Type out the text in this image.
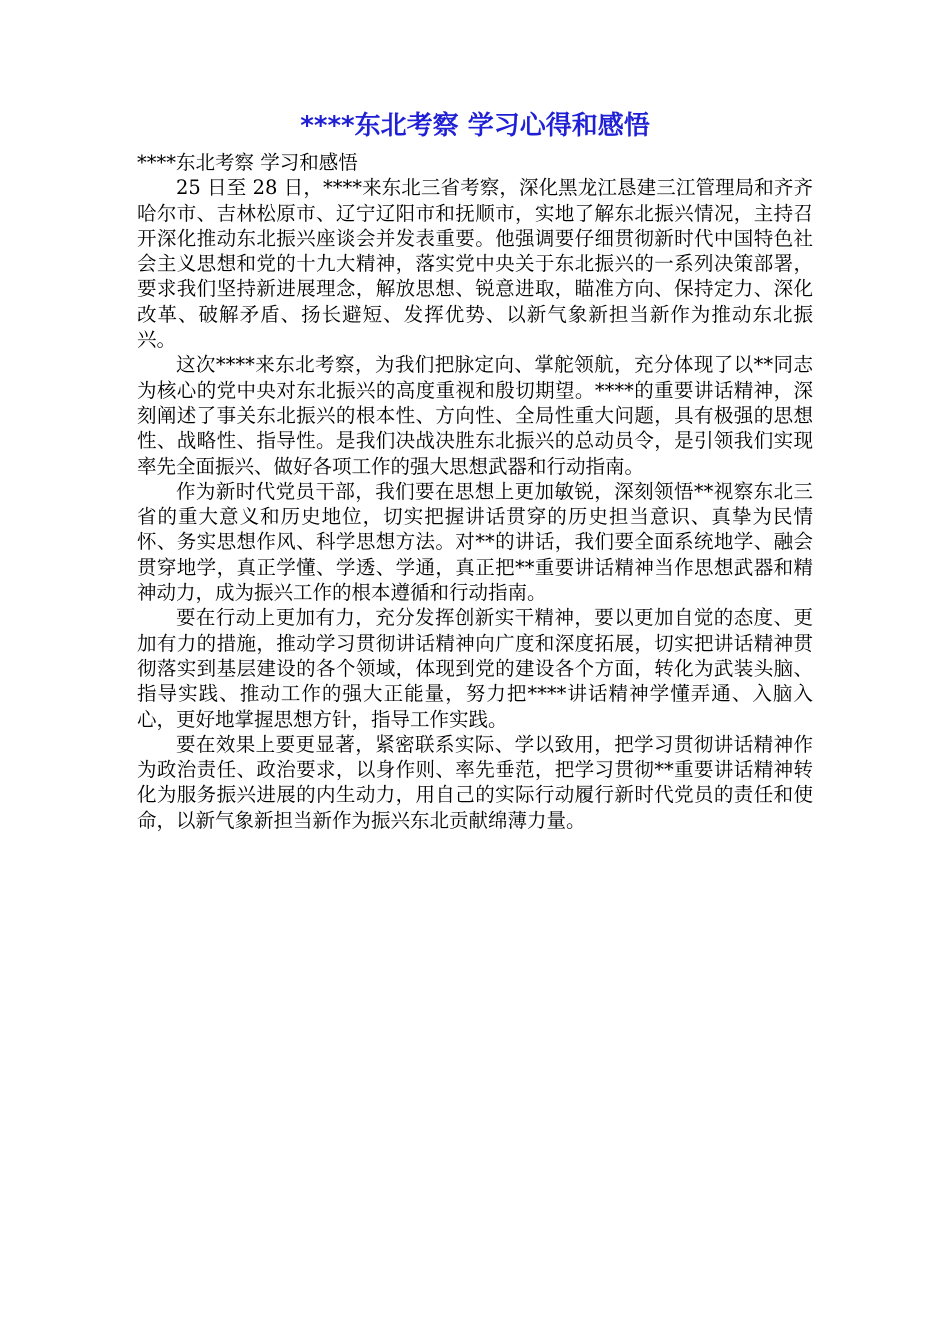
****东北考察 学习心得和感悟

****东北考察 学习和感悟

25 日至 28 日，****来东北三省考察，深化黑龙江恳建三江管理局和齐齐哈尔市、吉林松原市、辽宁辽阳市和抚顺市，实地了解东北振兴情况，主持召开深化推动东北振兴座谈会并发表重要。他强调要仔细贯彻新时代中国特色社会主义思想和党的十九大精神，落实党中央关于东北振兴的一系列决策部署，要求我们坚持新进展理念，解放思想、锐意进取，瞄准方向、保持定力、深化改革、破解矛盾、扬长避短、发挥优势、以新气象新担当新作为推动东北振兴。

这次****来东北考察，为我们把脉定向、掌舵领航，充分体现了以**同志为核心的党中央对东北振兴的高度重视和殷切期望。****的重要讲话精神，深刻阐述了事关东北振兴的根本性、方向性、全局性重大问题，具有极强的思想性、战略性、指导性。是我们决战决胜东北振兴的总动员令，是引领我们实现率先全面振兴、做好各项工作的强大思想武器和行动指南。

作为新时代党员干部，我们要在思想上更加敏锐，深刻领悟**视察东北三省的重大意义和历史地位，切实把握讲话贯穿的历史担当意识、真挚为民情怀、务实思想作风、科学思想方法。对**的讲话，我们要全面系统地学、融会贯穿地学，真正学懂、学透、学通，真正把**重要讲话精神当作思想武器和精神动力，成为振兴工作的根本遵循和行动指南。

要在行动上更加有力，充分发挥创新实干精神，要以更加自觉的态度、更加有力的措施，推动学习贯彻讲话精神向广度和深度拓展，切实把讲话精神贯彻落实到基层建设的各个领域，体现到党的建设各个方面，转化为武装头脑、指导实践、推动工作的强大正能量，努力把****讲话精神学懂弄通、入脑入心，更好地掌握思想方针，指导工作实践。

要在效果上要更显著，紧密联系实际、学以致用，把学习贯彻讲话精神作为政治责任、政治要求，以身作则、率先垂范，把学习贯彻**重要讲话精神转化为服务振兴进展的内生动力，用自己的实际行动履行新时代党员的责任和使命，以新气象新担当新作为振兴东北贡献绵薄力量。
